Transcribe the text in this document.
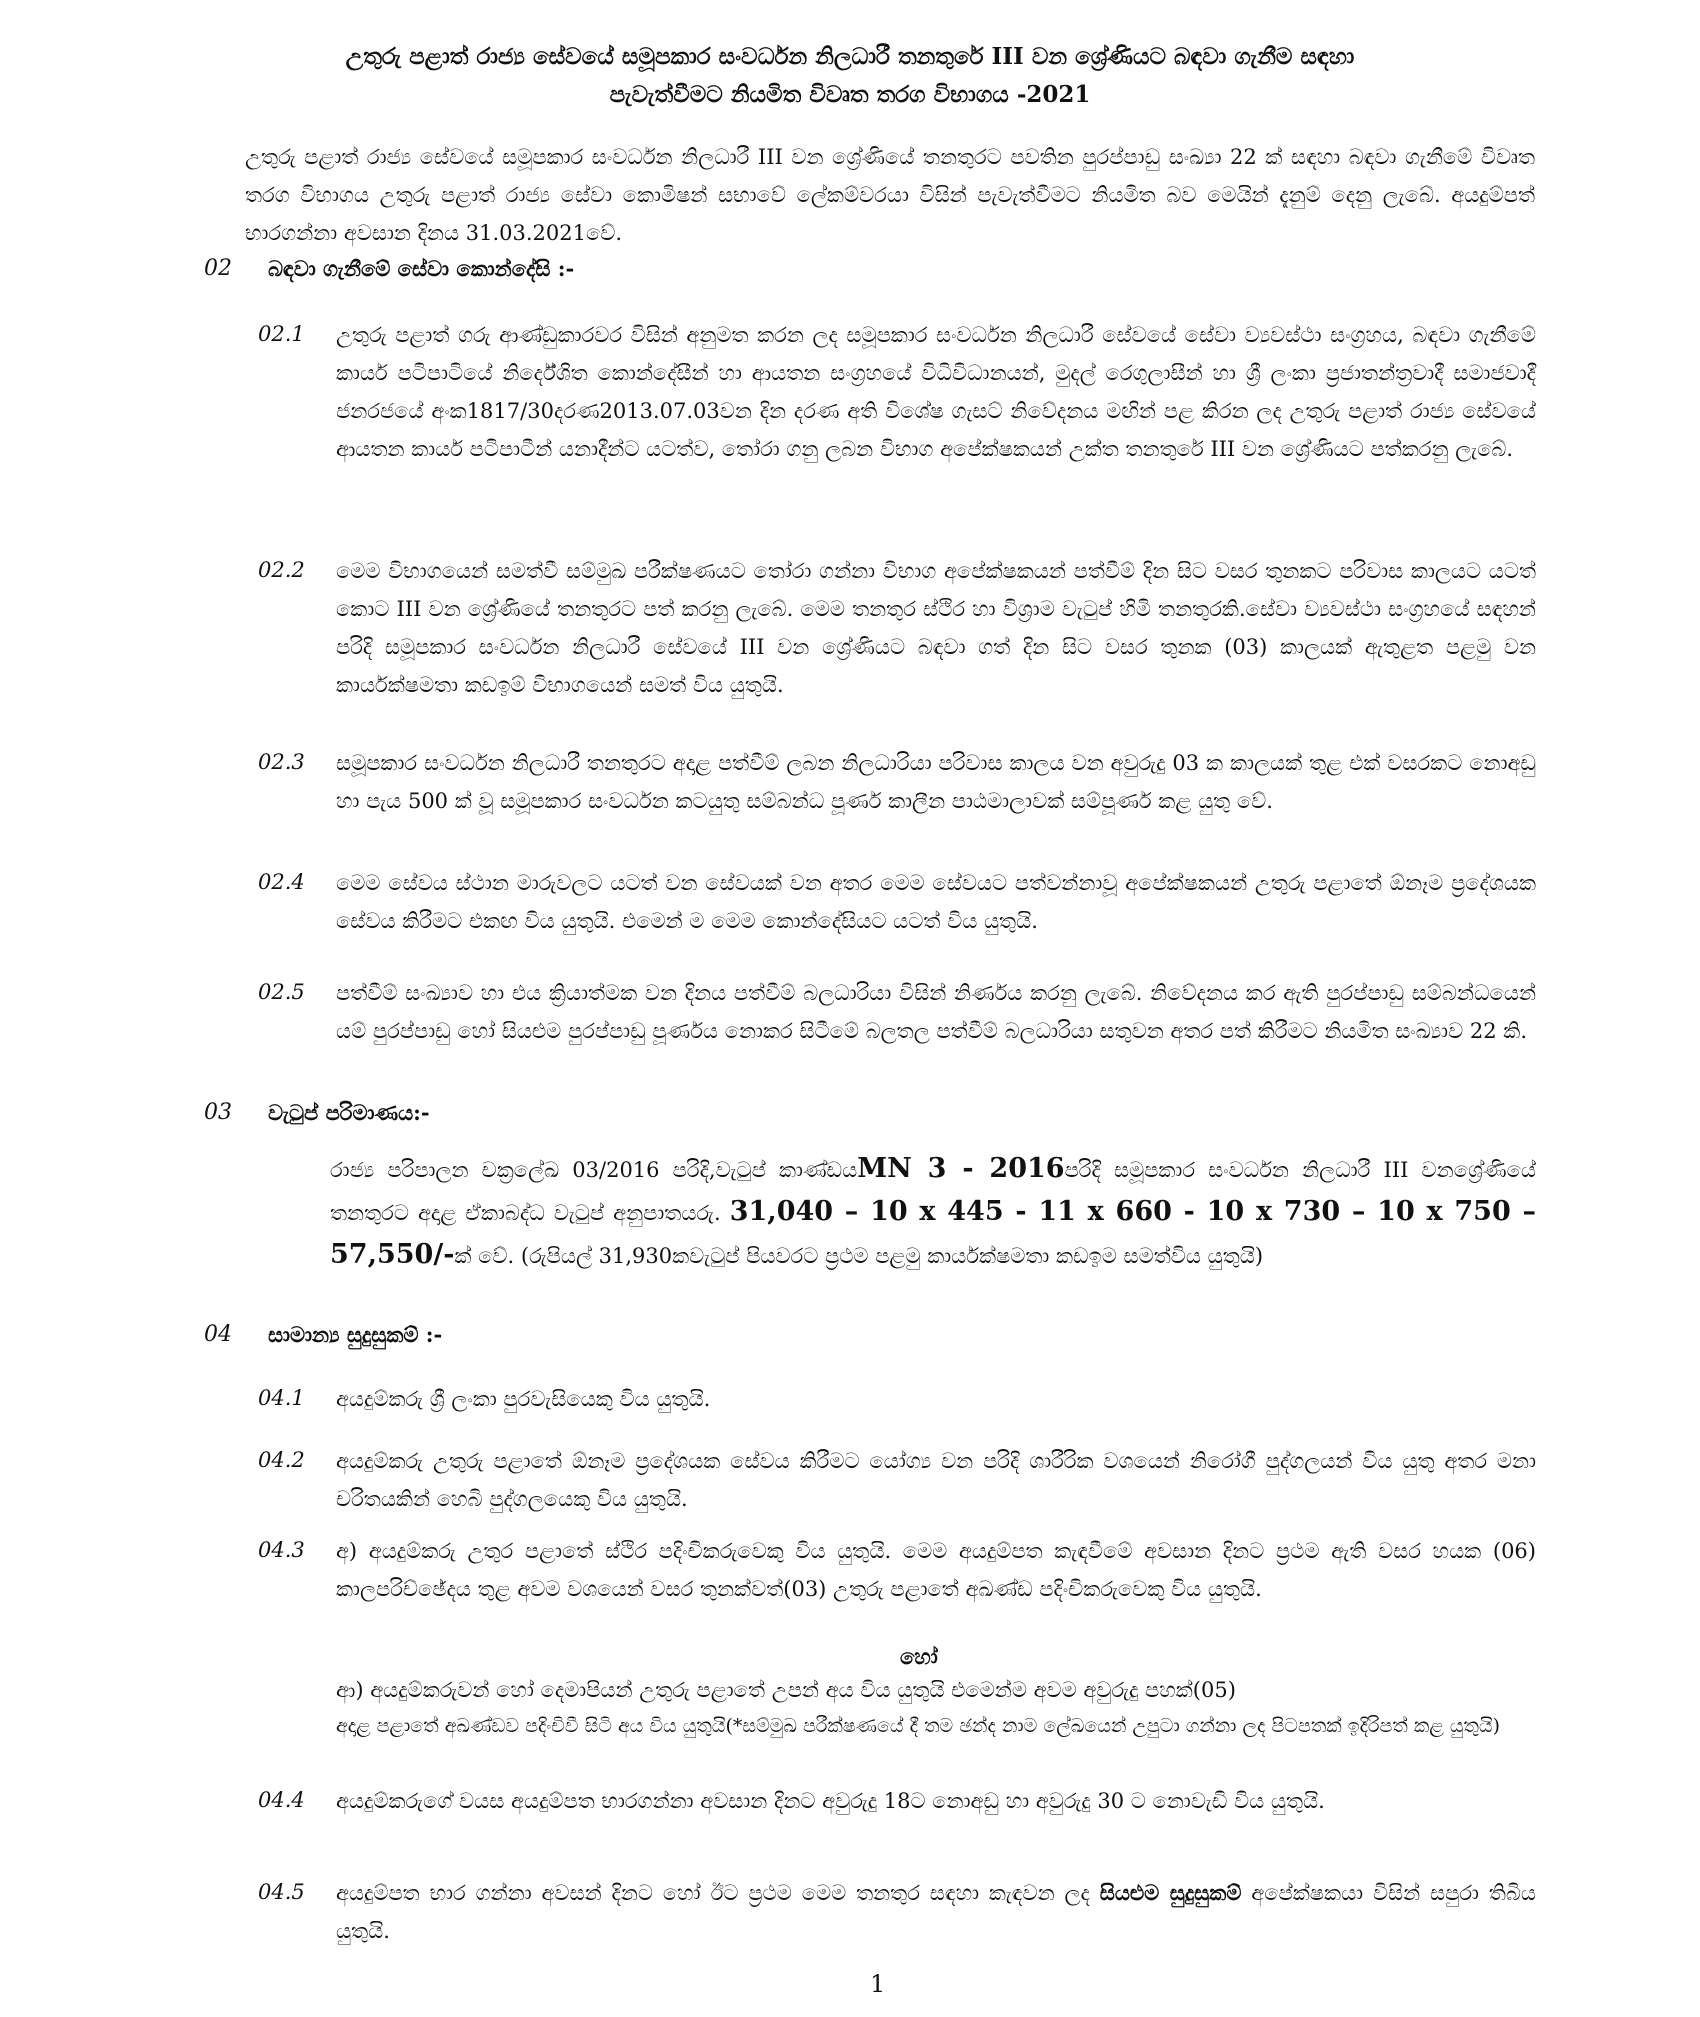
උතුරු පළාත් රාජ්‍ය සේවයේ සමූපකාර සංවර්ධන නිලධාරී තනතුරේ III වන ශ්‍රේණියට බඳවා ගැනීම සඳහා
පැවැත්වීමට නියමිත විවෘත තරග විභාගය -2021
උතුරු පළාත් රාජ්‍ය සේවයේ සමූපකාර සංවර්ධන නිලධාරී III වන ශ්‍රේණියේ තනතුරට පවතින පුරප්පාඩු සංඛ්‍යා 22 ක් සඳහා බඳවා ගැනීමේ විවෘත තරග විභාගය උතුරු පළාත් රාජ්‍ය සේවා කොමිෂන් සභාවේ ලේකම්වරයා විසින් පැවැත්වීමට නියමිත බව මෙයින් දැනුම් දෙනු ලැබේ. අයදුම්පත් භාරගන්නා අවසාන දිනය 31.03.2021වේ.
02 බඳවා ගැනීමේ සේවා කොන්දේසි :-
02.1 උතුරු පළාත් ගරු ආණ්ඩුකාරවර විසින් අනුමත කරන ලද සමූපකාර සංවර්ධන නිලධාරී සේවයේ සේවා ව්‍යවස්ථා සංග්‍රහය, බඳවා ගැනීමේ කාර්ය පටිපාටියේ නිර්දේශිත කොන්දේසීන් හා ආයතන සංග්‍රහයේ විධිවිධානයන්, මුදල් රෙගුලාසීන් හා ශ්‍රී ලංකා ප්‍රජාතන්ත්‍රවාදී සමාජවාදී ජනරජයේ අංක1817/30දරණ2013.07.03වන දින දරණ අති විශේෂ ගැසට් නිවේදනය මඟින් පළ කිරන ලද උතුරු පළාත් රාජ්‍ය සේවයේ ආයතන කාර්ය පටිපාටීන් යනාදීන්ට යටත්ව, තෝරා ගනු ලබන විභාග අපේක්ෂකයන් උක්ත තනතුරේ III වන ශ්‍රේණියට පත්කරනු ලැබේ.
02.2 මෙම විභාගයෙන් සමත්වී සම්මුඛ පරීක්ෂණයට තෝරා ගන්නා විභාග අපේක්ෂකයන් පත්වීම් දින සිට වසර තුනකට පරිවාස කාලයට යටත් කොට III වන ශ්‍රේණියේ තනතුරට පත් කරනු ලැබේ. මෙම තනතුර ස්ථිර හා විශ්‍රාම වැටුප් හිමි තනතුරකි.සේවා ව්‍යවස්ථා සංග්‍රහයේ සඳහන් පරිදි සමූපකාර සංවර්ධන නිලධාරී සේවයේ III වන ශ්‍රේණියට බඳවා ගත් දින සිට වසර තුනක (03) කාලයක් ඇතුළත පළමු වන කාර්යක්ෂමතා කඩඉම් විභාගයෙන් සමත් විය යුතුයි.
02.3 සමූපකාර සංවර්ධන නිලධාරී තනතුරට අදාළ පත්වීම් ලබන නිලධාරියා පරිවාස කාලය වන අවුරුදු 03 ක කාලයක් තුළ එක් වසරකට නොඅඩු හා පැය 500 ක් වූ සමූපකාර සංවර්ධන කටයුතු සම්බන්ධ පූර්ණ කාලීන පාඨමාලාවක් සම්පූර්ණ කළ යුතු වේ.
02.4 මෙම සේවය ස්ථාන මාරුවලට යටත් වන සේවයක් වන අතර මෙම සේවයට පත්වන්නාවූ අපේක්ෂකයන් උතුරු පළාතේ ඕනෑම ප්‍රදේශයක සේවය කිරීමට එකඟ විය යුතුයි. එමෙන් ම මෙම කොන්දේසියට යටත් විය යුතුයි.
02.5 පත්වීම් සංඛ්‍යාව හා එය ක්‍රියාත්මක වන දිනය පත්වීම් බලධාරියා විසින් නිර්ණය කරනු ලැබේ. නිවේදනය කර ඇති පුරප්පාඩු සම්බන්ධයෙන් යම් පුරප්පාඩු හෝ සියළුම පුරප්පාඩු පූර්ණය නොකර සිටීමේ බලතල පත්වීම් බලධාරියා සතුවන අතර පත් කිරීමට නියමිත සංඛ්‍යාව 22 කි.
03 වැටුප් පරිමාණය:-
රාජ්‍ය පරිපාලන චක්‍රලේඛ 03/2016 පරිදි,වැටුප් කාණ්ඩයMN 3 - 2016පරිදි සමූපකාර සංවර්ධන නිලධාරී III වනශ්‍රේණියේ තනතුරට අදාළ ඒකාබද්ධ වැටුප් අනුපාතයරු. 31,040 – 10 x 445 - 11 x 660 - 10 x 730 – 10 x 750 – 57,550/-ක් වේ. (රුපියල් 31,930කවැටුප් පියවරට ප්‍රථම පළමු කාර්යක්ෂමතා කඩඉම සමත්විය යුතුයි)
04 සාමාන්‍ය සුදුසුකම් :-
04.1 අයදුම්කරු ශ්‍රී ලංකා පුරවැසියෙකු විය යුතුයි.
04.2 අයදුම්කරු උතුරු පළාතේ ඕනෑම ප්‍රදේශයක සේවය කිරීමට යෝග්‍ය වන පරිදි ශාරීරික වශයෙන් නිරෝගී පුද්ගලයන් විය යුතු අතර මනා චරිතයකින් හෙබි පුද්ගලයෙකු විය යුතුයි.
04.3 අ) අයදුම්කරු උතුර පළාතේ ස්ථිර පදිංචිකරුවෙකු විය යුතුයි. මෙම අයදුම්පත කැඳවීමේ අවසාන දිනට ප්‍රථම ඇති වසර හයක (06) කාලපරිච්ඡේදය තුළ අවම වශයෙන් වසර තුනක්වත්(03) උතුරු පළාතේ අඛණ්ඩ පදිංචිකරුවෙකු විය යුතුයි.
හෝ
ආ) අයදුම්කරුවන් හෝ දෙමාපියන් උතුරු පළාතේ උපන් අය විය යුතුයි එමෙන්ම අවම අවුරුදු පහක්(05)
අදාළ පළාතේ අඛණ්ඩව පදිංචිවී සිටි අය විය යුතුයි(*සම්මුඛ පරීක්ෂණයේ දී තම ඡන්ද නාම ලේඛයෙන් උපුටා ගන්නා ලද පිටපතක් ඉදිරිපත් කළ යුතුයි)
04.4 අයදුම්කරුගේ වයස අයදුම්පත භාරගන්නා අවසාන දිනට අවුරුදු 18ට නොඅඩු හා අවුරුදු 30 ට නොවැඩි විය යුතුයි.
04.5 අයදුම්පත භාර ගන්නා අවසන් දිනට හෝ ඊට ප්‍රථම මෙම තනතුර සඳහා කැඳවන ලද සියළුම සුදුසුකම් අපේක්ෂකයා විසින් සපුරා තිබිය යුතුයි.
1
